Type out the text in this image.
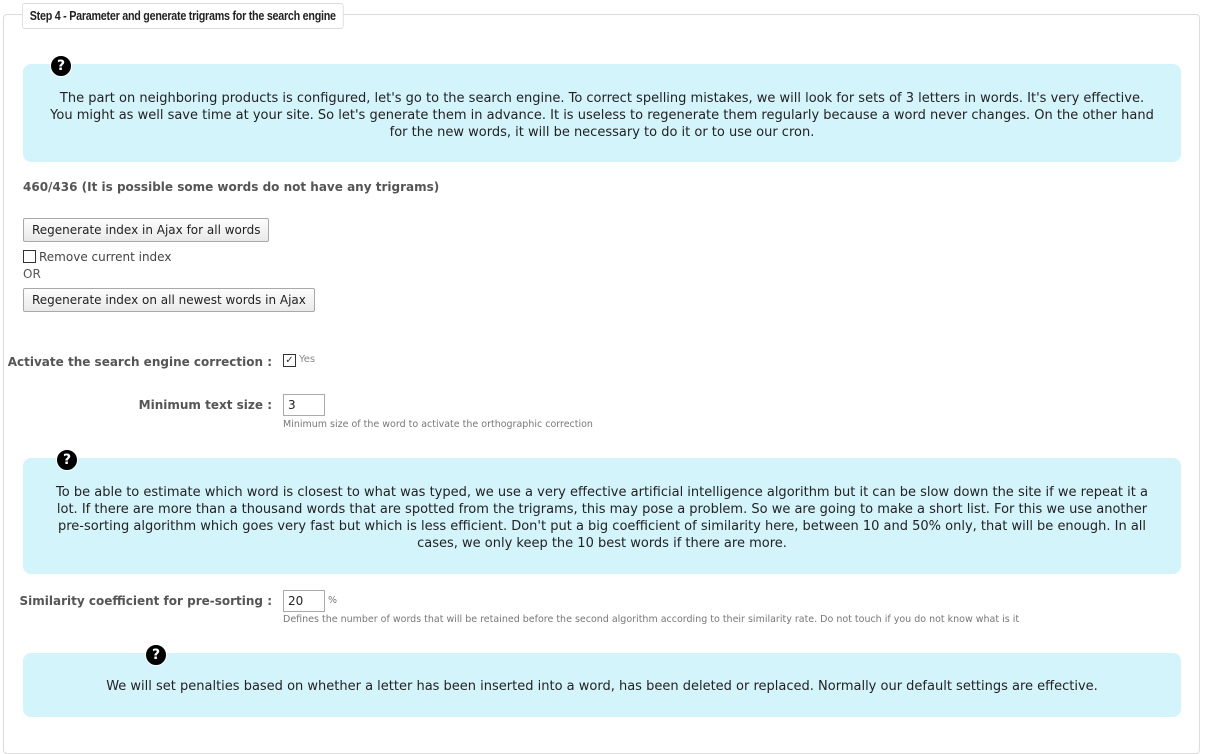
Step 4 - Parameter and generate trigrams for the search engine
The part on neighboring products is configured, let's go to the search engine. To correct spelling mistakes, we will look for sets of 3 letters in words. It's very effective. You might as well save time at your site. So let's generate them in advance. It is useless to regenerate them regularly because a word never changes. On the other hand for the new words, it will be necessary to do it or to use our cron.
?
460/436 (It is possible some words do not have any trigrams)
Regenerate index in Ajax for all words
Remove current index
OR
Regenerate index on all newest words in Ajax
Activate the search engine correction : ✓ Yes
Minimum text size :
3
Minimum size of the word to activate the orthographic correction
To be able to estimate which word is closest to what was typed, we use a very effective artificial intelligence algorithm but it can be slow down the site if we repeat it a lot. If there are more than a thousand words that are spotted from the trigrams, this may pose a problem. So we are going to make a short list. For this we use another pre-sorting algorithm which goes very fast but which is less efficient. Don't put a big coefficient of similarity here, between 10 and 50% only, that will be enough. In all cases, we only keep the 10 best words if there are more.
?
Similarity coefficient for pre-sorting :
20	%
Defines the number of words that will be retained before the second algorithm according to their similarity rate. Do not touch if you do not know what is it
We will set penalties based on whether a letter has been inserted into a word, has been deleted or replaced. Normally our default settings are effective.
?
